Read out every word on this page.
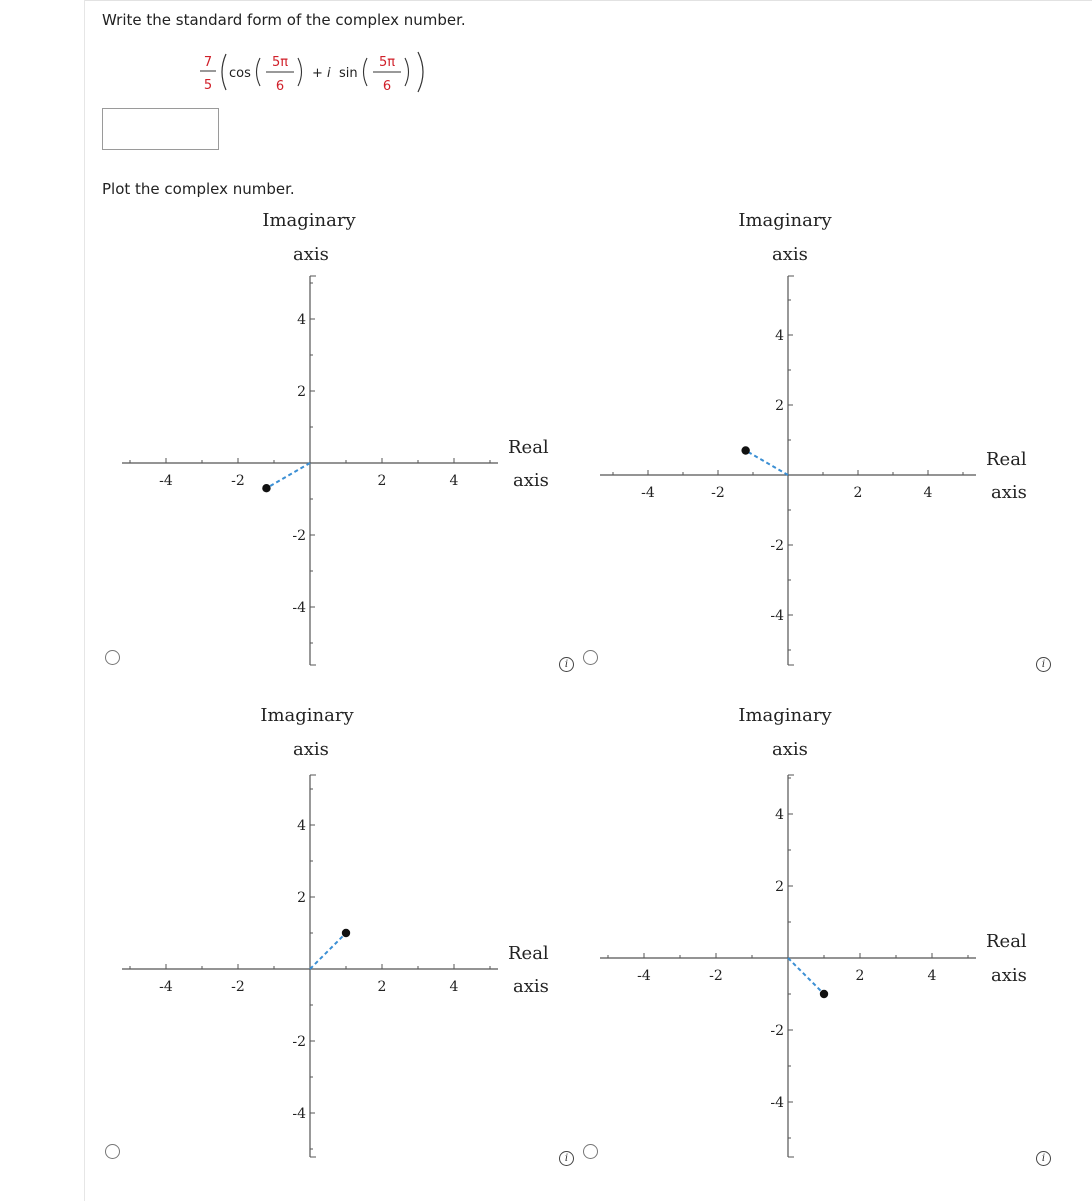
Write the standard form of the complex number.
7
5
cos
5π
6
+ i sin
5π
6
Plot the complex number.
Imaginary
axis
Real
axis
-4	-2	2	4
4
2
-2
-4
Imaginary
axis
Real
axis
-4	-2	2	4
4
2
-2
-4
Imaginary
axis
Real
axis
-4	-2	2	4
4
2
-2
-4
Imaginary
axis
Real
axis
-4	-2	2	4
4
2
-2
-4
i	i
i	i
